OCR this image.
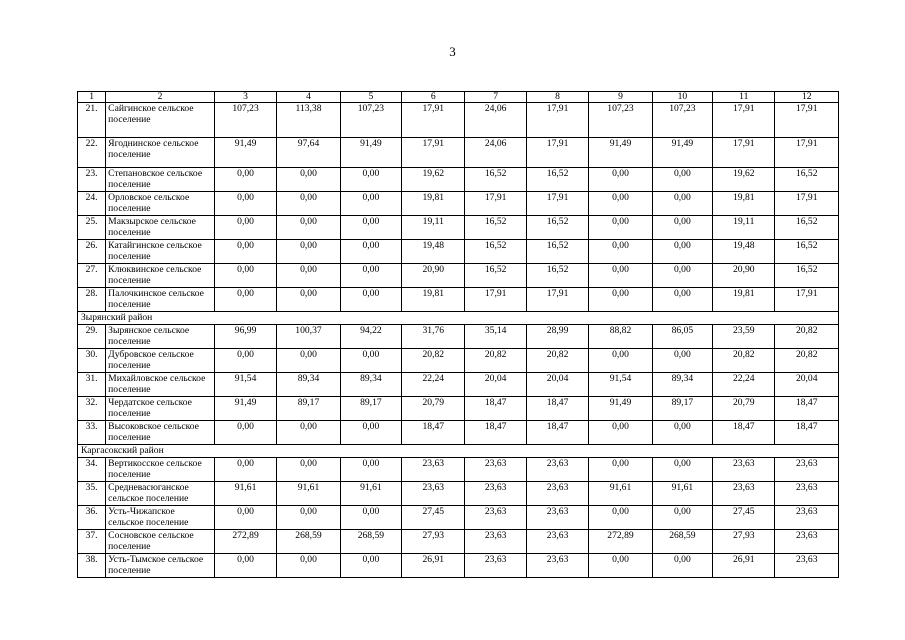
3
1	2	3	4	5	6	7	8	9	10	11	12
21.	Сайгинское сельское поселение	107,23	113,38	107,23	17,91	24,06	17,91	107,23	107,23	17,91	17,91
22.	Ягоднинское сельское поселение	91,49	97,64	91,49	17,91	24,06	17,91	91,49	91,49	17,91	17,91
23.	Степановское сельское поселение	0,00	0,00	0,00	19,62	16,52	16,52	0,00	0,00	19,62	16,52
24.	Орловское сельское поселение	0,00	0,00	0,00	19,81	17,91	17,91	0,00	0,00	19,81	17,91
25.	Макзырское сельское поселение	0,00	0,00	0,00	19,11	16,52	16,52	0,00	0,00	19,11	16,52
26.	Катайгинское сельское поселение	0,00	0,00	0,00	19,48	16,52	16,52	0,00	0,00	19,48	16,52
27.	Клюквинское сельское поселение	0,00	0,00	0,00	20,90	16,52	16,52	0,00	0,00	20,90	16,52
28.	Палочкинское сельское поселение	0,00	0,00	0,00	19,81	17,91	17,91	0,00	0,00	19,81	17,91
Зырянский район											
29.	Зырянское сельское поселение	96,99	100,37	94,22	31,76	35,14	28,99	88,82	86,05	23,59	20,82
30.	Дубровское сельское поселение	0,00	0,00	0,00	20,82	20,82	20,82	0,00	0,00	20,82	20,82
31.	Михайловское сельское поселение	91,54	89,34	89,34	22,24	20,04	20,04	91,54	89,34	22,24	20,04
32.	Чердатское сельское поселение	91,49	89,17	89,17	20,79	18,47	18,47	91,49	89,17	20,79	18,47
33.	Высоковское сельское поселение	0,00	0,00	0,00	18,47	18,47	18,47	0,00	0,00	18,47	18,47
Каргасокский район											
34.	Вертикосское сельское поселение	0,00	0,00	0,00	23,63	23,63	23,63	0,00	0,00	23,63	23,63
35.	Средневасюганское сельское поселение	91,61	91,61	91,61	23,63	23,63	23,63	91,61	91,61	23,63	23,63
36.	Усть-Чижапское сельское поселение	0,00	0,00	0,00	27,45	23,63	23,63	0,00	0,00	27,45	23,63
37.	Сосновское сельское поселение	272,89	268,59	268,59	27,93	23,63	23,63	272,89	268,59	27,93	23,63
38.	Усть-Тымское сельское поселение	0,00	0,00	0,00	26,91	23,63	23,63	0,00	0,00	26,91	23,63
